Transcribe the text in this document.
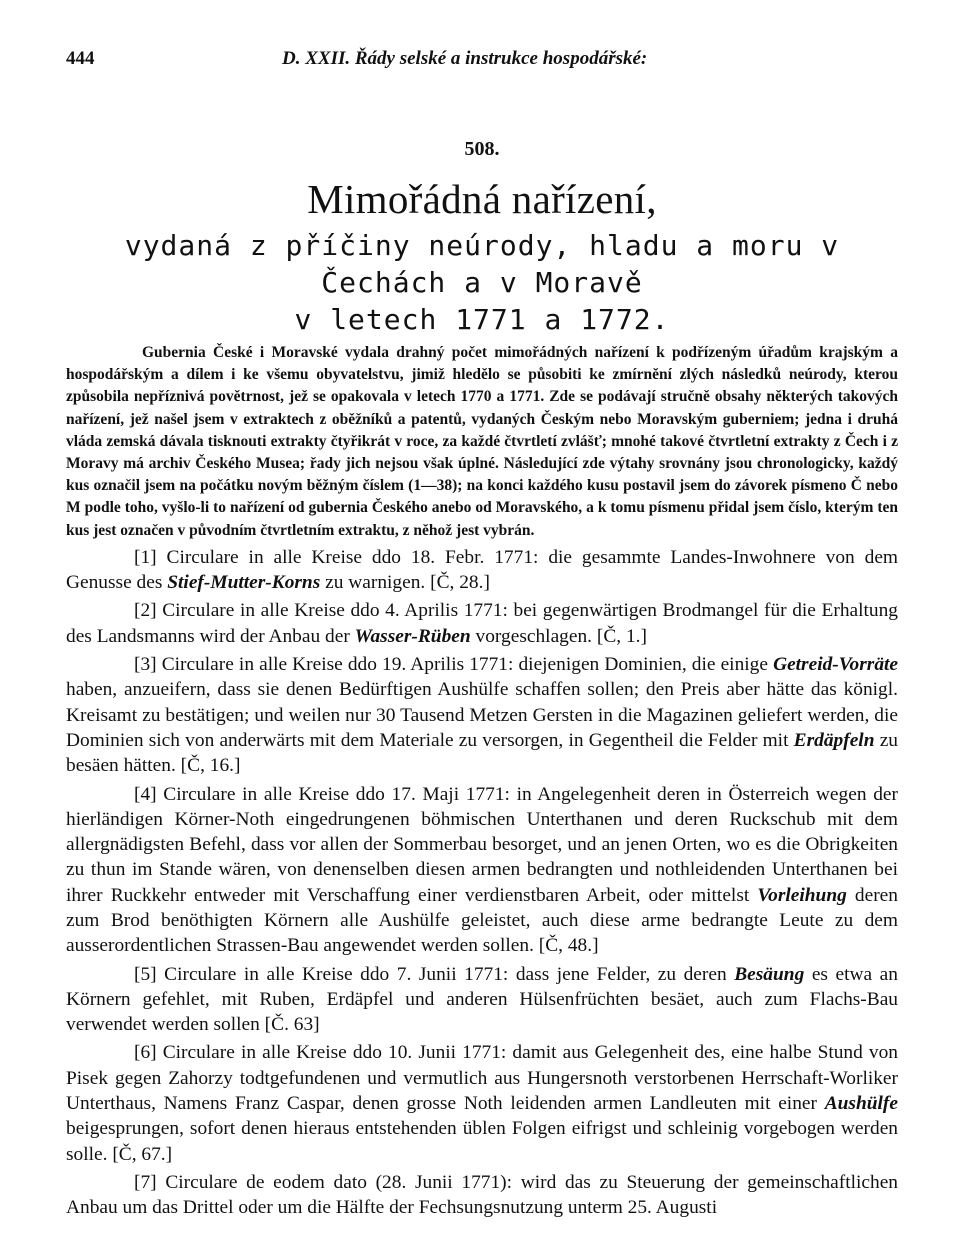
444	D. XXII. Řády selské a instrukce hospodářské:
508.
Mimořádná nařízení,
vydaná z příčiny neúrody, hladu a moru v Čechách a v Moravě
v letech 1771 a 1772.

Gubernia České i Moravské vydala drahný počet mimořádných nařízení k podřízeným úřadům krajským a hospodářským a dílem i ke všemu obyvatelstvu, jimiž hledělo se působiti ke zmírnění zlých následků neúrody, kterou způsobila nepříznivá povětrnost, jež se opakovala v letech 1770 a 1771. Zde se podávají stručně obsahy některých takových nařízení, jež našel jsem v extraktech z oběžníků a patentů, vydaných Českým nebo Moravským guberniem; jedna i druhá vláda zemská dávala tisknouti extrakty čtyřikrát v roce, za každé čtvrtletí zvlášť; mnohé takové čtvrtletní extrakty z Čech i z Moravy má archiv Českého Musea; řady jich nejsou však úplné. Následující zde výtahy srovnány jsou chronologicky, každý kus označil jsem na počátku novým běžným číslem (1—38); na konci každého kusu postavil jsem do závorek písmeno Č nebo M podle toho, vyšlo-li to nařízení od gubernia Českého anebo od Moravského, a k tomu písmenu přidal jsem číslo, kterým ten kus jest označen v původním čtvrtletním extraktu, z něhož jest vybrán.

[1] Circulare in alle Kreise ddo 18. Febr. 1771: die gesammte Landes-Inwohnere von dem Genusse des Stief-Mutter-Korns zu warnigen. [Č, 28.]

[2] Circulare in alle Kreise ddo 4. Aprilis 1771: bei gegenwärtigen Brodmangel für die Erhaltung des Landsmanns wird der Anbau der Wasser-Rüben vorgeschlagen. [Č, 1.]

[3] Circulare in alle Kreise ddo 19. Aprilis 1771: diejenigen Dominien, die einige Getreid-Vorräte haben, anzueifern, dass sie denen Bedürftigen Aushülfe schaffen sollen; den Preis aber hätte das königl. Kreisamt zu bestätigen; und weilen nur 30 Tausend Metzen Gersten in die Magazinen geliefert werden, die Dominien sich von anderwärts mit dem Materiale zu versorgen, in Gegentheil die Felder mit Erdäpfeln zu besäen hätten. [Č, 16.]

[4] Circulare in alle Kreise ddo 17. Maji 1771: in Angelegenheit deren in Österreich wegen der hierländigen Körner-Noth eingedrungenen böhmischen Unterthanen und deren Ruckschub mit dem allergnädigsten Befehl, dass vor allen der Sommerbau besorget, und an jenen Orten, wo es die Obrigkeiten zu thun im Stande wären, von denenselben diesen armen bedrangten und nothleidenden Unterthanen bei ihrer Ruckkehr entweder mit Verschaffung einer verdienstbaren Arbeit, oder mittelst Vorleihung deren zum Brod benöthigten Körnern alle Aushülfe geleistet, auch diese arme bedrangte Leute zu dem ausserordentlichen Strassen-Bau angewendet werden sollen. [Č, 48.]

[5] Circulare in alle Kreise ddo 7. Junii 1771: dass jene Felder, zu deren Besäung es etwa an Körnern gefehlet, mit Ruben, Erdäpfel und anderen Hülsenfrüchten besäet, auch zum Flachs-Bau verwendet werden sollen [Č. 63]

[6] Circulare in alle Kreise ddo 10. Junii 1771: damit aus Gelegenheit des, eine halbe Stund von Pisek gegen Zahorzy todtgefundenen und vermutlich aus Hungersnoth verstorbenen Herrschaft-Worliker Unterthaus, Namens Franz Caspar, denen grosse Noth leidenden armen Landleuten mit einer Aushülfe beigesprungen, sofort denen hieraus entstehenden üblen Folgen eifrigst und schleinig vorgebogen werden solle. [Č, 67.]

[7] Circulare de eodem dato (28. Junii 1771): wird das zu Steuerung der gemeinschaftlichen Anbau um das Drittel oder um die Hälfte der Fechsungsnutzung unterm 25. Augusti
